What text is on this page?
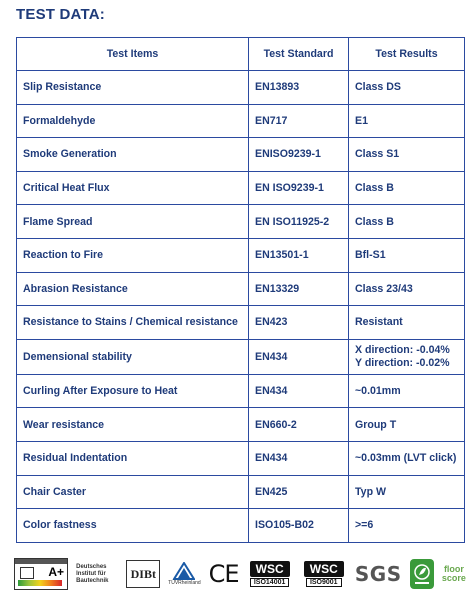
TEST DATA:
Test Items	Test Standard	Test Results
Slip Resistance	EN13893	Class DS
Formaldehyde	EN717	E1
Smoke Generation	ENISO9239-1	Class S1
Critical Heat Flux	EN ISO9239-1	Class B
Flame Spread	EN ISO11925-2	Class B
Reaction to Fire	EN13501-1	Bfl-S1
Abrasion Resistance	EN13329	Class 23/43
Resistance to Stains / Chemical resistance	EN423	Resistant
Demensional stability	EN434	X direction: -0.04%
Y direction: -0.02%

Curling After Exposure to Heat	EN434	~0.01mm
Wear resistance	EN660-2	Group T
Residual Indentation	EN434	~0.03mm (LVT click)
Chair Caster	EN425	Typ W
Color fastness	ISO105-B02	>=6
A+ Deutsches Institut für Bautechnik	DIBt
TÜVRheinland CE	WSC
ISO14001
WSC
ISO9001 SGS	floor
score
